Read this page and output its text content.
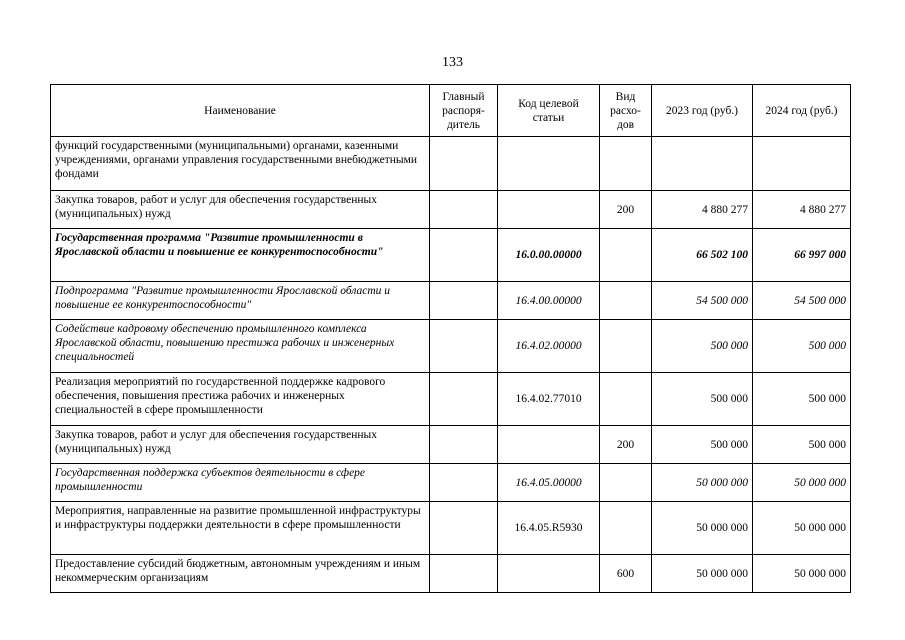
133
Наименование	Главный распоря-дитель	Код целевой статьи	Вид расхо-дов	2023 год (руб.)	2024 год (руб.)
функций государственными (муниципальными) органами, казенными учреждениями, органами управления государственными внебюджетными фондами					
Закупка товаров, работ и услуг для обеспечения государственных (муниципальных) нужд			200	4 880 277	4 880 277
Государственная программа "Развитие промышленности в Ярославской области и повышение ее конкурентоспособности"		16.0.00.00000		66 502 100	66 997 000
Подпрограмма "Развитие промышленности Ярославской области и повышение ее конкурентоспособности"		16.4.00.00000		54 500 000	54 500 000
Содействие кадровому обеспечению промышленного комплекса Ярославской области, повышению престижа рабочих и инженерных специальностей		16.4.02.00000		500 000	500 000
Реализация мероприятий по государственной поддержке кадрового обеспечения, повышения престижа рабочих и инженерных специальностей в сфере промышленности		16.4.02.77010		500 000	500 000
Закупка товаров, работ и услуг для обеспечения государственных (муниципальных) нужд			200	500 000	500 000
Государственная поддержка субъектов деятельности в сфере промышленности		16.4.05.00000		50 000 000	50 000 000
Мероприятия, направленные на развитие промышленной инфраструктуры и инфраструктуры поддержки деятельности в сфере промышленности		16.4.05.R5930		50 000 000	50 000 000
Предоставление субсидий бюджетным, автономным учреждениям и иным некоммерческим организациям			600	50 000 000	50 000 000
